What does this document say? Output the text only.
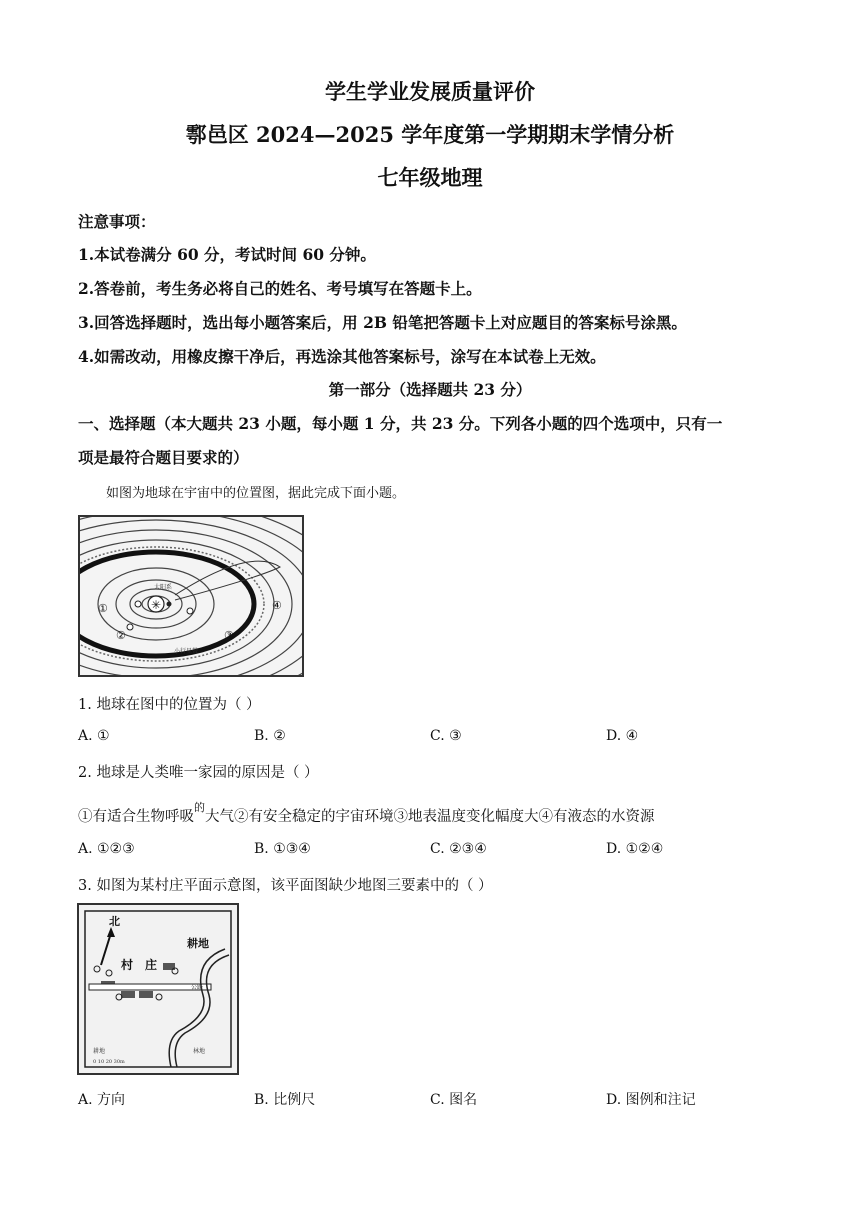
学生学业发展质量评价
鄠邑区 2024—2025 学年度第一学期期末学情分析
七年级地理
注意事项：
1.本试卷满分 60 分，考试时间 60 分钟。
2.答卷前，考生务必将自己的姓名、考号填写在答题卡上。
3.回答选择题时，选出每小题答案后，用 2B 铅笔把答题卡上对应题目的答案标号涂黑。
4.如需改动，用橡皮擦干净后，再选涂其他答案标号，涂写在本试卷上无效。
第一部分（选择题共 23 分）
一、选择题（本大题共 23 小题，每小题 1 分，共 23 分。下列各小题的四个选项中，只有一
项是最符合题目要求的）
如图为地球在宇宙中的位置图，据此完成下面小题。
✳
①
②	③
④
太阳系
小行星带
1. 地球在图中的位置为（ ）
A. ①	B. ②	C. ③	D. ④
2. 地球是人类唯一家园的原因是（ ）
①有适合生物呼吸$^的$大气②有安全稳定的宇宙环境③地表温度变化幅度大④有液态的水资源
A. ①②③	B. ①③④	C. ②③④	D. ①②④
3. 如图为某村庄平面示意图，该平面图缺少地图三要素中的（ ）
北
耕地
村 庄
公路
耕地	林地
0 10 20 30m
A. 方向	B. 比例尺	C. 图名	D. 图例和注记
